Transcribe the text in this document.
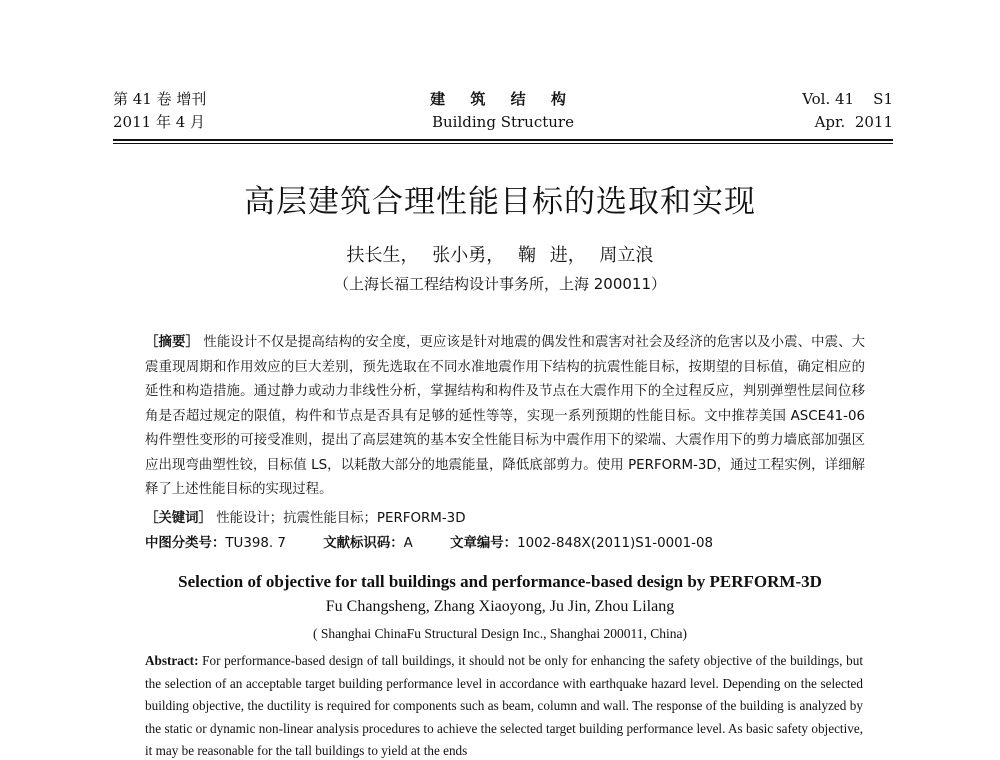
第 41 卷 增刊
2011 年 4 月
建 筑 结 构
Building Structure
Vol. 41    S1
Apr.  2011
高层建筑合理性能目标的选取和实现
扶长生， 张小勇， 鞠 进， 周立浪
（上海长福工程结构设计事务所，上海 200011）
［摘要］ 性能设计不仅是提高结构的安全度，更应该是针对地震的偶发性和震害对社会及经济的危害以及小震、中震、大震重现周期和作用效应的巨大差别，预先选取在不同水准地震作用下结构的抗震性能目标，按期望的目标值，确定相应的延性和构造措施。通过静力或动力非线性分析，掌握结构和构件及节点在大震作用下的全过程反应，判别弹塑性层间位移角是否超过规定的限值，构件和节点是否具有足够的延性等等，实现一系列预期的性能目标。文中推荐美国 ASCE41-06 构件塑性变形的可接受准则，提出了高层建筑的基本安全性能目标为中震作用下的梁端、大震作用下的剪力墙底部加强区应出现弯曲塑性铰，目标值 LS，以耗散大部分的地震能量，降低底部剪力。使用 PERFORM-3D，通过工程实例，详细解释了上述性能目标的实现过程。
［关键词］ 性能设计；抗震性能目标；PERFORM-3D
中图分类号：TU398. 7	文献标识码：A	文章编号：1002-848X(2011)S1-0001-08
Selection of objective for tall buildings and performance-based design by PERFORM-3D
Fu Changsheng, Zhang Xiaoyong, Ju Jin, Zhou Lilang
( Shanghai ChinaFu Structural Design Inc., Shanghai 200011, China)
Abstract: For performance-based design of tall buildings, it should not be only for enhancing the safety objective of the buildings, but the selection of an acceptable target building performance level in accordance with earthquake hazard level. Depending on the selected building objective, the ductility is required for components such as beam, column and wall. The response of the building is analyzed by the static or dynamic non-linear analysis procedures to achieve the selected target building performance level. As basic safety objective, it may be reasonable for the tall buildings to yield at the ends
